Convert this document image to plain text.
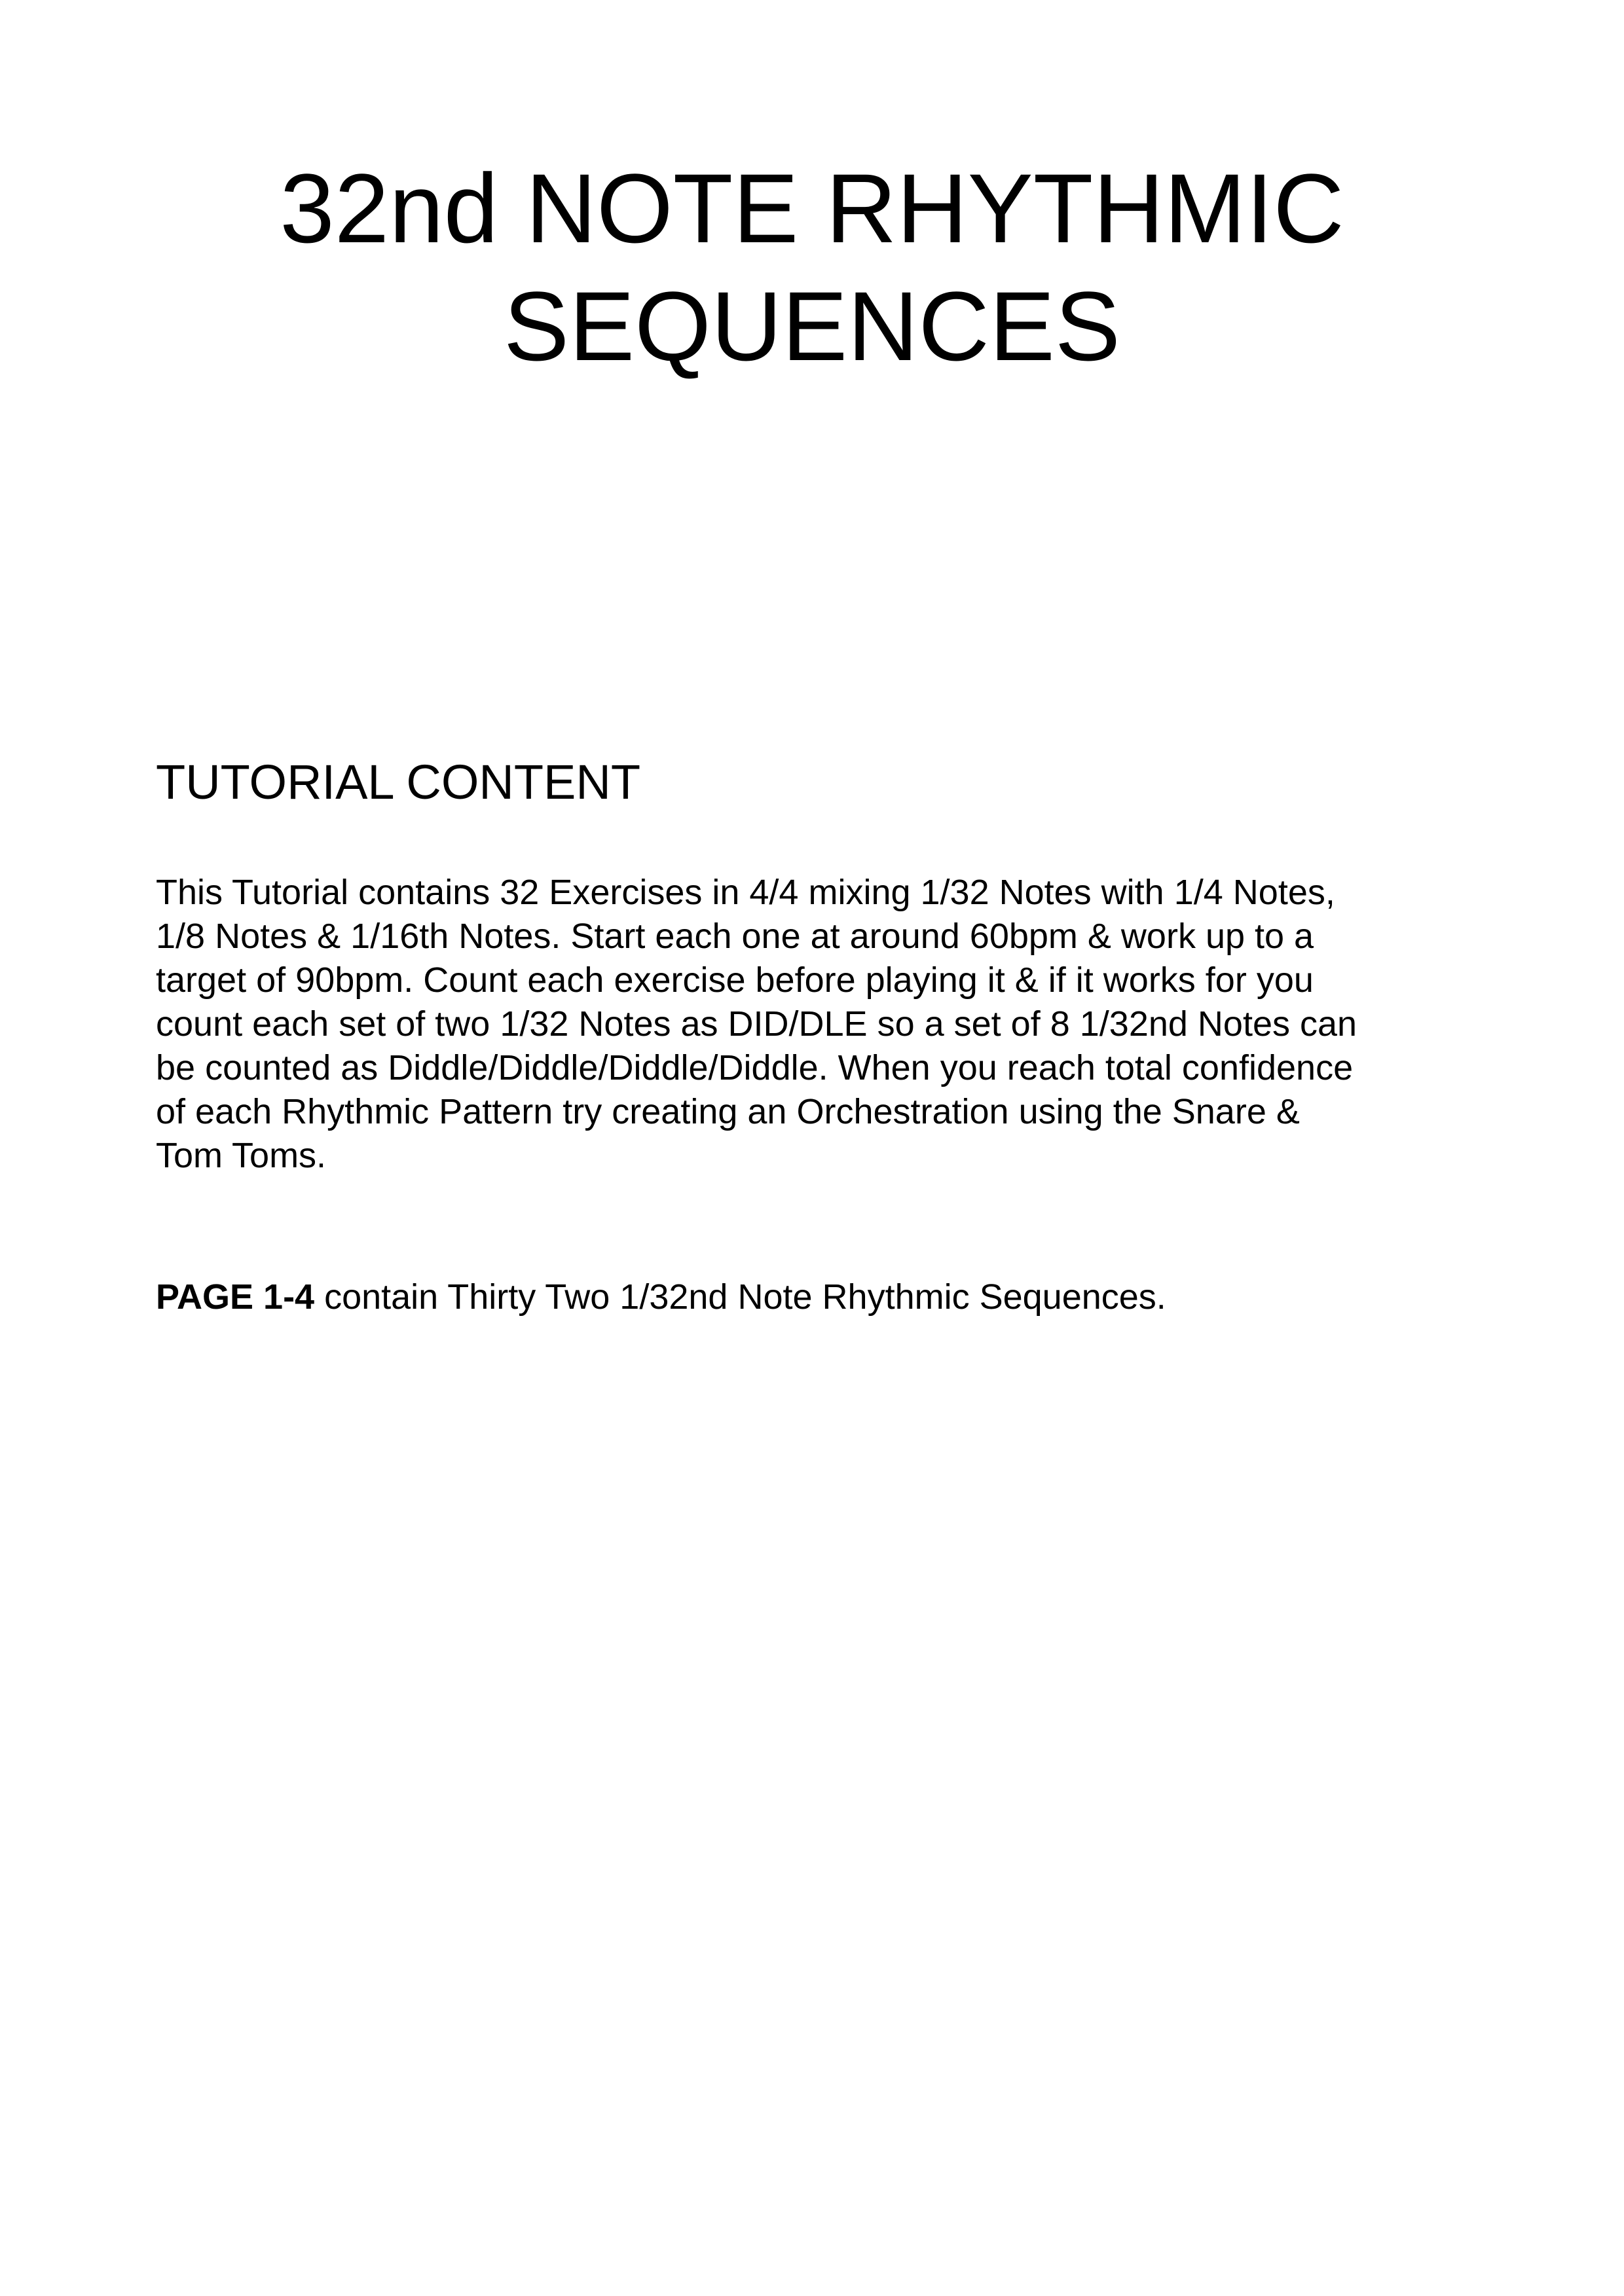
32nd NOTE RHYTHMIC
SEQUENCES
TUTORIAL CONTENT

This Tutorial contains 32 Exercises in 4/4 mixing 1/32 Notes with 1/4 Notes,
1/8 Notes & 1/16th Notes. Start each one at around 60bpm & work up to a
target of 90bpm. Count each exercise before playing it & if it works for you
count each set of two 1/32 Notes as DID/DLE so a set of 8 1/32nd Notes can
be counted as Diddle/Diddle/Diddle/Diddle. When you reach total confidence
of each Rhythmic Pattern try creating an Orchestration using the Snare &
Tom Toms.

PAGE 1-4 contain Thirty Two 1/32nd Note Rhythmic Sequences.
